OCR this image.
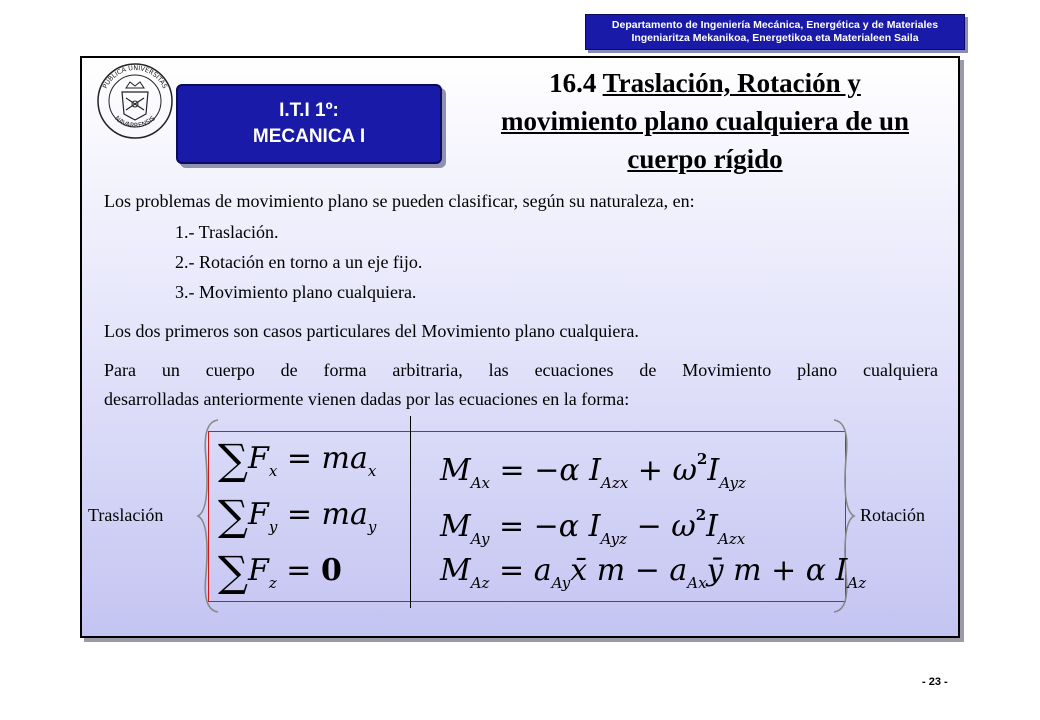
Departamento de Ingeniería Mecánica, Energética y de Materiales
Ingeniaritza Mekanikoa, Energetikoa eta Materialeen Saila
PUBLICA UNIVERSITAS
NAVARRENSIS	I.T.I 1º:
MECANICA I
16.4 Traslación, Rotación y
movimiento plano cualquiera de un
cuerpo rígido
Los problemas de movimiento plano se pueden clasificar, según su naturaleza, en:
1.- Traslación.
2.- Rotación en torno a un eje fijo.
3.- Movimiento plano cualquiera.
Los dos primeros son casos particulares del Movimiento plano cualquiera.
Para un cuerpo de forma arbitraria, las ecuaciones de Movimiento plano cualquiera
desarrolladas anteriormente vienen dadas por las ecuaciones en la forma:
Traslación	Rotación
$\sum F_x = ma_x$
$\sum F_y = ma_y$
$\sum F_z = 0$
$M_{Ax} = -\alpha$ $I_{Azx} + \omega^2I_{Ayz}$
$M_{Ay} = -\alpha$ $I_{Ayz} - \omega^2I_{Azx}$
$M_{Az}$ = $a_{Ay}x̄$ $m - a_{Ax}ȳ$ m + α $I_{Az}$
- 23 -
